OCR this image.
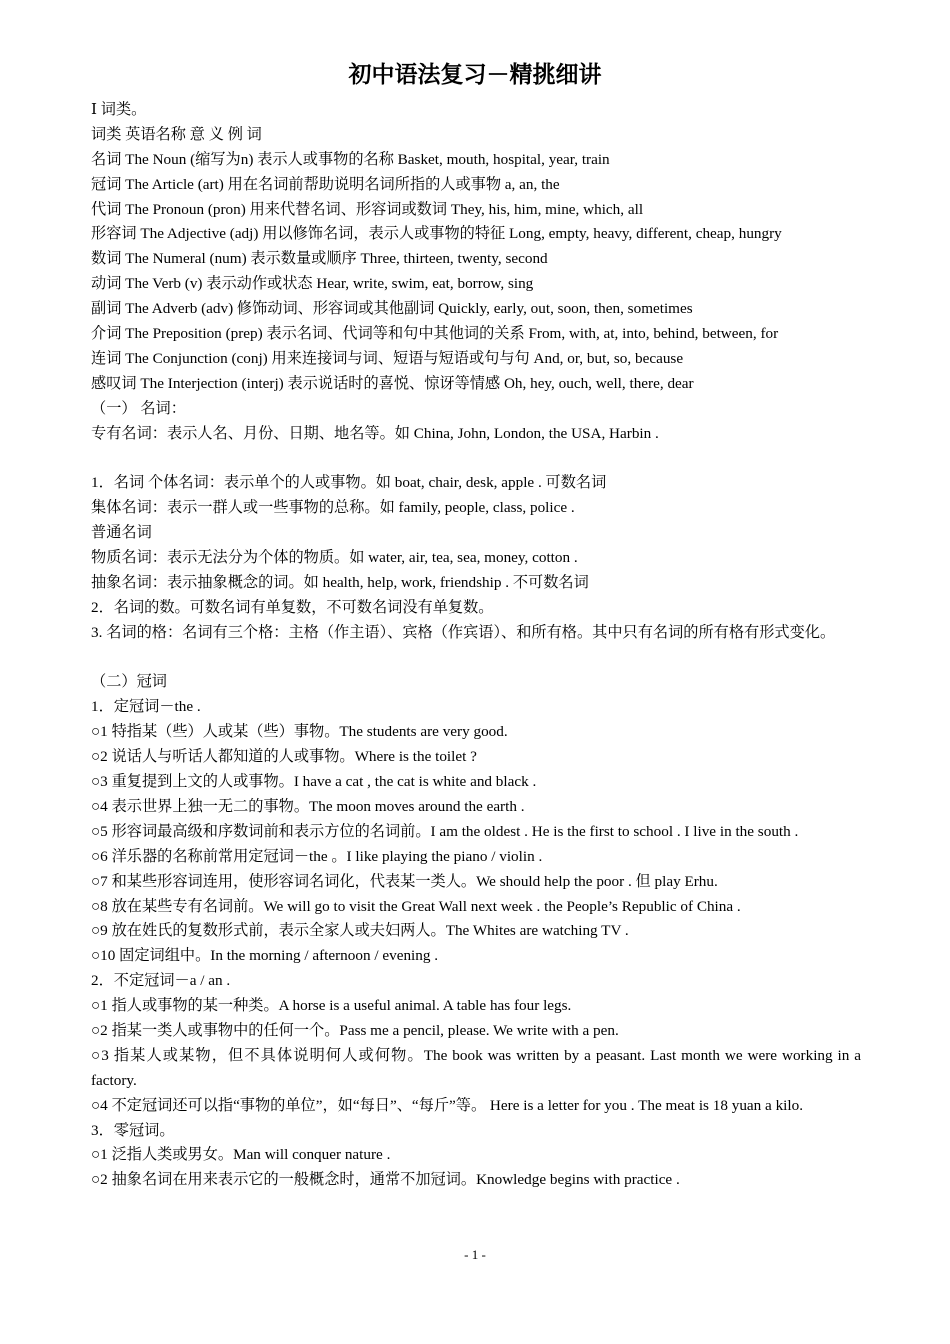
初中语法复习－精挑细讲
Ⅰ 词类。
词类 英语名称 意 义 例 词
名词 The Noun (缩写为n) 表示人或事物的名称 Basket, mouth, hospital, year, train
冠词 The Article (art) 用在名词前帮助说明名词所指的人或事物 a, an, the
代词 The Pronoun (pron) 用来代替名词、形容词或数词 They, his, him, mine, which, all
形容词 The Adjective (adj) 用以修饰名词，表示人或事物的特征 Long, empty, heavy, different, cheap, hungry
数词 The Numeral (num) 表示数量或顺序 Three, thirteen, twenty, second
动词 The Verb (v) 表示动作或状态 Hear, write, swim, eat, borrow, sing
副词 The Adverb (adv) 修饰动词、形容词或其他副词 Quickly, early, out, soon, then, sometimes
介词 The Preposition (prep) 表示名词、代词等和句中其他词的关系 From, with, at, into, behind, between, for
连词 The Conjunction (conj) 用来连接词与词、短语与短语或句与句 And, or, but, so, because
感叹词 The Interjection (interj) 表示说话时的喜悦、惊讶等情感 Oh, hey, ouch, well, there, dear
（一） 名词：
专有名词：表示人名、月份、日期、地名等。如 China, John, London, the USA, Harbin .
1．名词 个体名词：表示单个的人或事物。如 boat, chair, desk, apple . 可数名词
集体名词：表示一群人或一些事物的总称。如 family, people, class, police .
普通名词
物质名词：表示无法分为个体的物质。如 water, air, tea, sea, money, cotton .
抽象名词：表示抽象概念的词。如 health, help, work, friendship . 不可数名词
2．名词的数。可数名词有单复数，不可数名词没有单复数。
3. 名词的格：名词有三个格：主格（作主语）、宾格（作宾语）、和所有格。其中只有名词的所有格有形式变化。
（二）冠词
1．定冠词－the .
○1 特指某（些）人或某（些）事物。The students are very good.
○2 说话人与听话人都知道的人或事物。Where is the toilet ?
○3 重复提到上文的人或事物。I have a cat , the cat is white and black .
○4 表示世界上独一无二的事物。The moon moves around the earth .
○5 形容词最高级和序数词前和表示方位的名词前。I am the oldest . He is the first to school . I live in the south .
○6 洋乐器的名称前常用定冠词－the 。I like playing the piano / violin .
○7 和某些形容词连用，使形容词名词化，代表某一类人。We should help the poor . 但 play Erhu.
○8 放在某些专有名词前。We will go to visit the Great Wall next week . the People’s Republic of China .
○9 放在姓氏的复数形式前，表示全家人或夫妇两人。The Whites are watching TV .
○10 固定词组中。In the morning / afternoon / evening .
2．不定冠词－a / an .
○1 指人或事物的某一种类。A horse is a useful animal. A table has four legs.
○2 指某一类人或事物中的任何一个。Pass me a pencil, please. We write with a pen.
○3 指某人或某物，但不具体说明何人或何物。The book was written by a peasant. Last month we were working in a factory.
○4 不定冠词还可以指“事物的单位”，如“每日”、“每斤”等。 Here is a letter for you . The meat is 18 yuan a kilo.
3．零冠词。
○1 泛指人类或男女。Man will conquer nature .
○2 抽象名词在用来表示它的一般概念时，通常不加冠词。Knowledge begins with practice .
- 1 -
